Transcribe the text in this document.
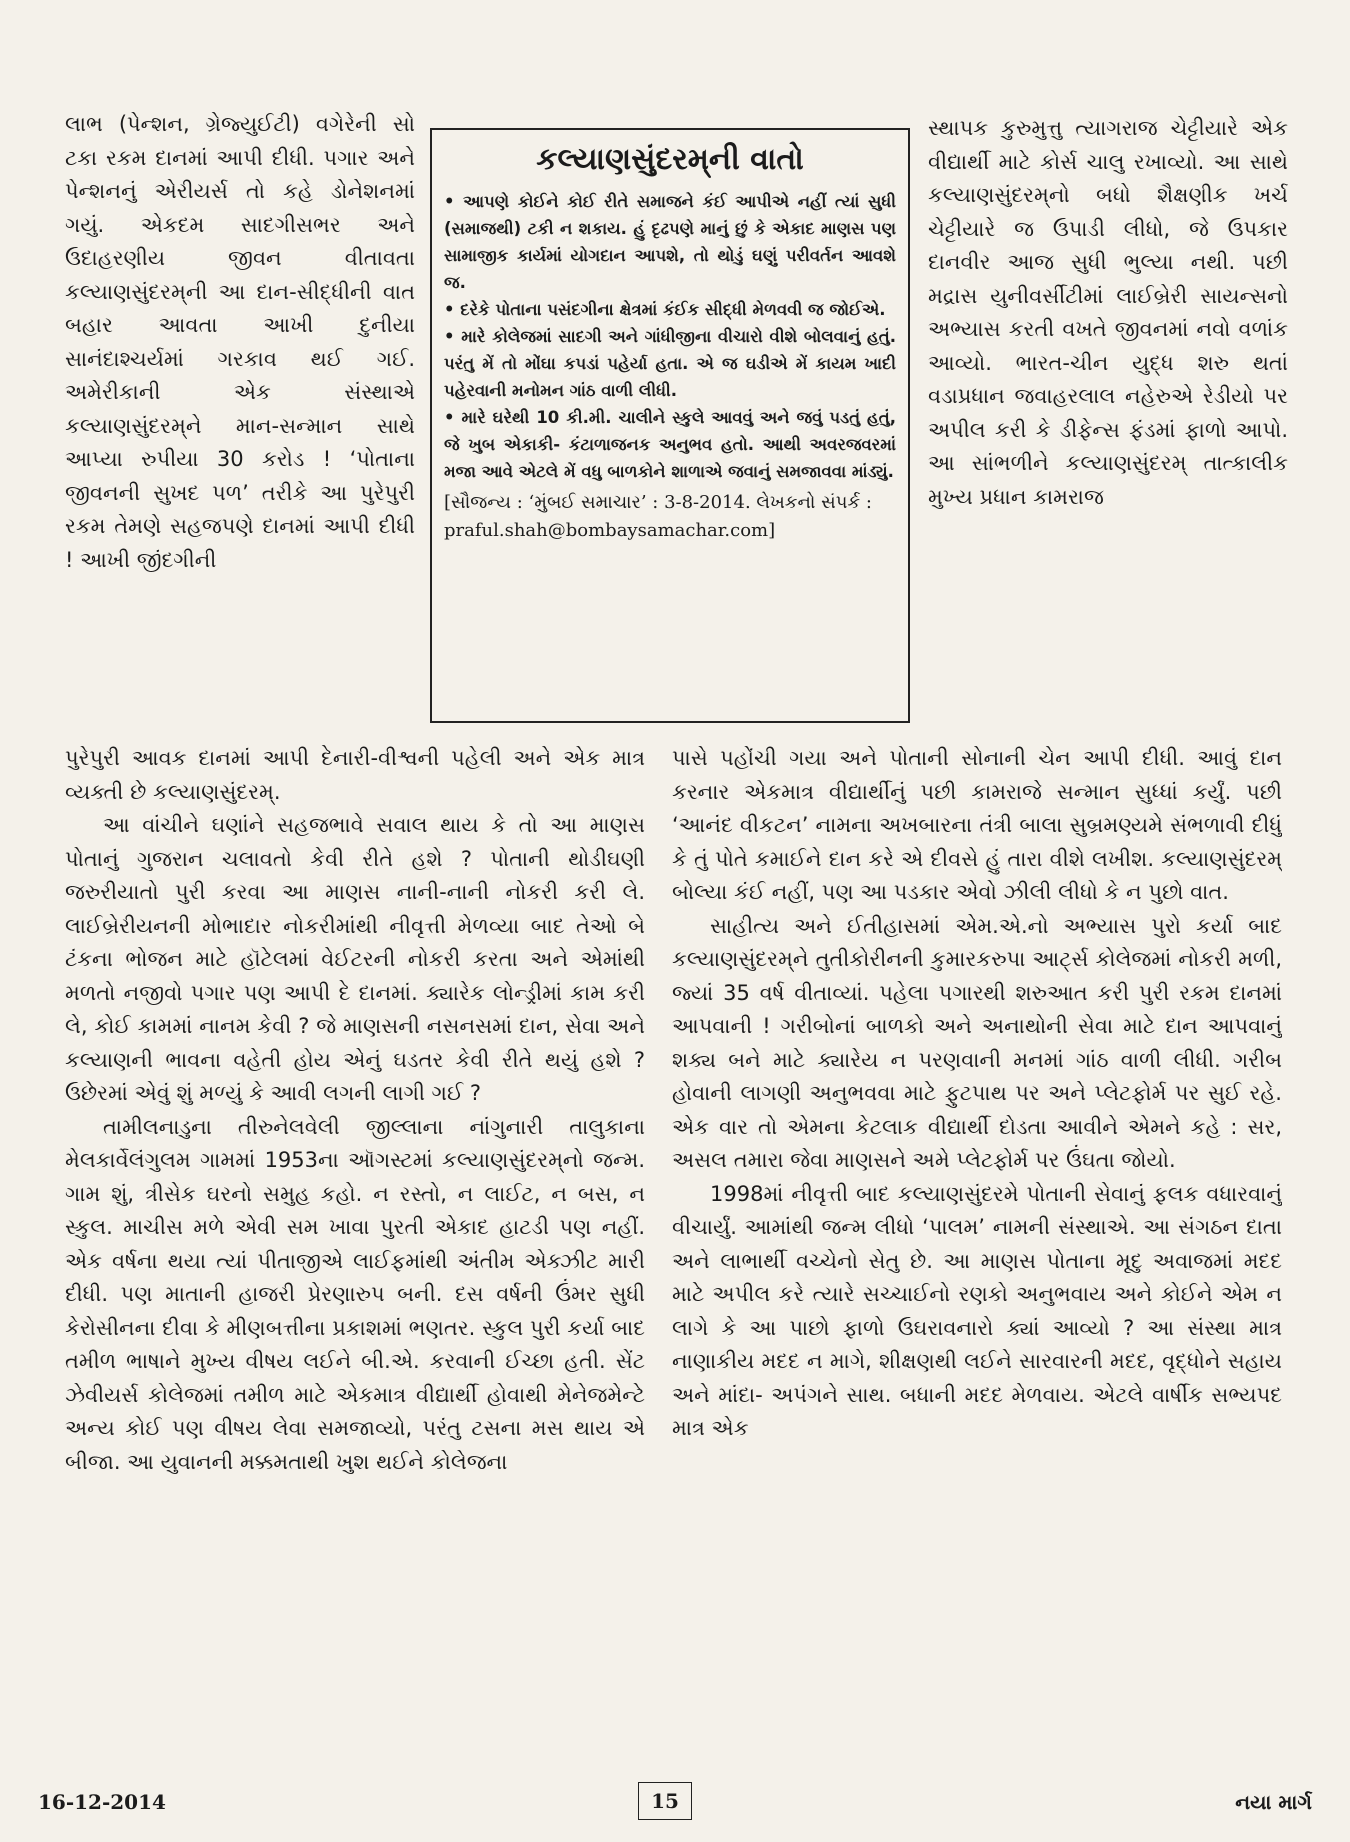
લાભ (પેન્શન, ગ્રેજ્યુઈટી) વગેરેની સો ટકા રકમ દાનમાં આપી દીધી. પગાર અને પેન્શનનું એરીયર્સ તો કહે ડોનેશનમાં ગયું. એકદમ સાદગીસભર અને ઉદાહરણીય જીવન વીતાવતા કલ્યાણસુંદરમ્‌ની આ દાન-સીદ્ધીની વાત બહાર આવતા આખી દુનીયા સાનંદાશ્ચર્યમાં ગરકાવ થઈ ગઈ. અમેરીકાની એક સંસ્થાએ કલ્યાણસુંદરમ્‌ને માન-સન્માન સાથે આપ્યા રુપીયા 30 કરોડ ! ‘પોતાના જીવનની સુખદ પળ’ તરીકે આ પુરેપુરી રકમ તેમણે સહજપણે દાનમાં આપી દીધી ! આખી જીંદગીની

કલ્યાણસુંદરમ્‌ની વાતો

• આપણે કોઈને કોઈ રીતે સમાજને કંઈ આપીએ નહીં ત્યાં સુધી (સમાજથી) ટકી ન શકાય. હું દૃઢપણે માનું છું કે એકાદ માણસ પણ સામાજીક કાર્યમાં યોગદાન આપશે, તો થોડું ઘણું પરીવર્તન આવશે જ.

• દરેકે પોતાના પસંદગીના ક્ષેત્રમાં કંઈક સીદ્ધી મેળવવી જ જોઈએ.

• મારે કોલેજમાં સાદગી અને ગાંધીજીના વીચારો વીશે બોલવાનું હતું. પરંતુ મેં તો મોંઘા કપડાં પહેર્યા હતા. એ જ ઘડીએ મેં કાયમ ખાદી પહેરવાની મનોમન ગાંઠ વાળી લીધી.

• મારે ઘરેથી 10 કી.મી. ચાલીને સ્કુલે આવવું અને જવું પડતું હતું, જે ખુબ એકાકી- કંટાળાજનક અનુભવ હતો. આથી અવરજવરમાં મજા આવે એટલે મેં વધુ બાળકોને શાળાએ જવાનું સમજાવવા માંડ્યું.

[સૌજન્ય : ‘મુંબઈ સમાચાર’ : 3-8-2014. લેખકનો સંપર્ક : praful.shah@bombaysamachar.com]

સ્થાપક કુરુમુત્તુ ત્યાગરાજ ચેટ્ટીયારે એક વીદ્યાર્થી માટે કોર્સ ચાલુ રખાવ્યો. આ સાથે કલ્યાણસુંદરમ્‌નો બધો શૈક્ષણીક ખર્ચ ચેટ્ટીયારે જ ઉપાડી લીધો, જે ઉપકાર દાનવીર આજ સુધી ભુલ્યા નથી. પછી મદ્રાસ યુનીવર્સીટીમાં લાઈબ્રેરી સાયન્સનો અભ્યાસ કરતી વખતે જીવનમાં નવો વળાંક આવ્યો. ભારત-ચીન યુદ્ધ શરુ થતાં વડાપ્રધાન જવાહરલાલ નહેરુએ રેડીયો પર અપીલ કરી કે ડીફેન્સ ફંડમાં ફાળો આપો. આ સાંભળીને કલ્યાણસુંદરમ્ તાત્કાલીક મુખ્ય પ્રધાન કામરાજ

પુરેપુરી આવક દાનમાં આપી દેનારી-વીશ્વની પહેલી અને એક માત્ર વ્યક્તી છે કલ્યાણસુંદરમ્.

આ વાંચીને ઘણાંને સહજભાવે સવાલ થાય કે તો આ માણસ પોતાનું ગુજરાન ચલાવતો કેવી રીતે હશે ? પોતાની થોડીઘણી જરુરીયાતો પુરી કરવા આ માણસ નાની-નાની નોકરી કરી લે. લાઈબ્રેરીયનની મોભાદાર નોકરીમાંથી નીવૃત્તી મેળવ્યા બાદ તેઓ બે ટંકના ભોજન માટે હૉટેલમાં વેઈટરની નોકરી કરતા અને એમાંથી મળતો નજીવો પગાર પણ આપી દે દાનમાં. ક્યારેક લોન્ડ્રીમાં કામ કરી લે, કોઈ કામમાં નાનમ કેવી ? જે માણસની નસનસમાં દાન, સેવા અને કલ્યાણની ભાવના વહેતી હોય એનું ઘડતર કેવી રીતે થયું હશે ? ઉછેરમાં એવું શું મળ્યું કે આવી લગની લાગી ગઈ ?

તામીલનાડુના તીરુનેલવેલી જીલ્લાના નાંગુનારી તાલુકાના મેલકાર્વેલંગુલમ ગામમાં 1953ના ઑગસ્ટમાં કલ્યાણસુંદરમ્‌નો જન્મ. ગામ શું, ત્રીસેક ઘરનો સમુહ કહો. ન રસ્તો, ન લાઈટ, ન બસ, ન સ્કુલ. માચીસ મળે એવી સમ ખાવા પુરતી એકાદ હાટડી પણ નહીં. એક વર્ષના થયા ત્યાં પીતાજીએ લાઈફમાંથી અંતીમ એક્ઝીટ મારી દીધી. પણ માતાની હાજરી પ્રેરણારુપ બની. દસ વર્ષની ઉંમર સુધી કેરોસીનના દીવા કે મીણબત્તીના પ્રકાશમાં ભણતર. સ્કુલ પુરી કર્યા બાદ તમીળ ભાષાને મુખ્ય વીષય લઈને બી.એ. કરવાની ઈચ્છા હતી. સેંટ ઝેવીયર્સ કોલેજમાં તમીળ માટે એકમાત્ર વીદ્યાર્થી હોવાથી મેનેજમેન્ટે અન્ય કોઈ પણ વીષય લેવા સમજાવ્યો, પરંતુ ટસના મસ થાય એ બીજા. આ યુવાનની મક્કમતાથી ખુશ થઈને કોલેજના

પાસે પહોંચી ગયા અને પોતાની સોનાની ચેન આપી દીધી. આવું દાન કરનાર એકમાત્ર વીદ્યાર્થીનું પછી કામરાજે સન્માન સુધ્ધાં કર્યું. પછી ‘આનંદ વીકટન’ નામના અખબારના તંત્રી બાલા સુબ્રમણ્યમે સંભળાવી દીધું કે તું પોતે કમાઈને દાન કરે એ દીવસે હું તારા વીશે લખીશ. કલ્યાણસુંદરમ્ બોલ્યા કંઈ નહીં, પણ આ પડકાર એવો ઝીલી લીધો કે ન પુછો વાત.

સાહીત્ય અને ઈતીહાસમાં એમ.એ.નો અભ્યાસ પુરો કર્યા બાદ કલ્યાણસુંદરમ્‌ને તુતીકોરીનની કુમારકરુપા આર્ટ્સ કોલેજમાં નોકરી મળી, જ્યાં 35 વર્ષ વીતાવ્યાં. પહેલા પગારથી શરુઆત કરી પુરી રકમ દાનમાં આપવાની ! ગરીબોનાં બાળકો અને અનાથોની સેવા માટે દાન આપવાનું શક્ય બને માટે ક્યારેય ન પરણવાની મનમાં ગાંઠ વાળી લીધી. ગરીબ હોવાની લાગણી અનુભવવા માટે ફુટપાથ પર અને પ્લેટફોર્મ પર સુઈ રહે. એક વાર તો એમના કેટલાક વીદ્યાર્થી દોડતા આવીને એમને કહે : સર, અસલ તમારા જેવા માણસને અમે પ્લેટફોર્મ પર ઉંઘતા જોયો.

1998માં નીવૃત્તી બાદ કલ્યાણસુંદરમે પોતાની સેવાનું ફલક વધારવાનું વીચાર્યું. આમાંથી જન્મ લીધો ‘પાલમ’ નામની સંસ્થાએ. આ સંગઠન દાતા અને લાભાર્થી વચ્ચેનો સેતુ છે. આ માણસ પોતાના મૃદુ અવાજમાં મદદ માટે અપીલ કરે ત્યારે સચ્ચાઈનો રણકો અનુભવાય અને કોઈને એમ ન લાગે કે આ પાછો ફાળો ઉઘરાવનારો ક્યાં આવ્યો ? આ સંસ્થા માત્ર નાણાકીય મદદ ન માગે, શીક્ષણથી લઈને સારવારની મદદ, વૃદ્ધોને સહાય અને માંદા- અપંગને સાથ. બધાની મદદ મેળવાય. એટલે વાર્ષીક સભ્યપદ માત્ર એક

16-12-2014	15	નયા માર્ગ
